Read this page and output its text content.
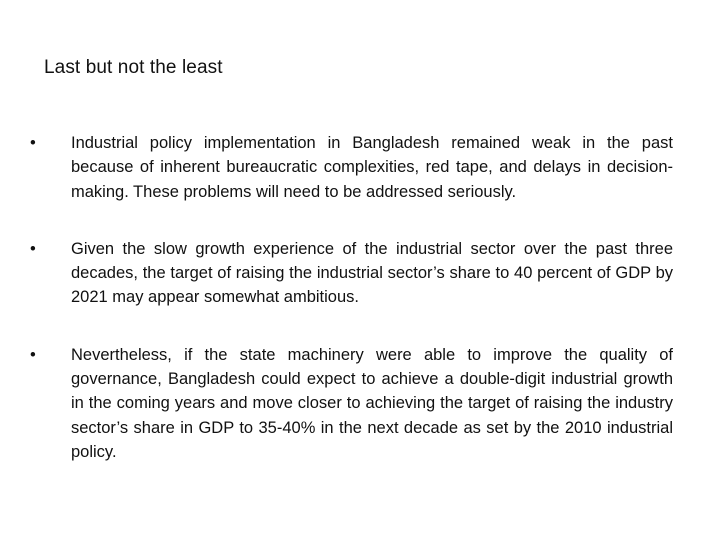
Last but not the least
•	Industrial policy implementation in Bangladesh remained weak in the past because of inherent bureaucratic complexities, red tape, and delays in decision-making. These problems will need to be addressed seriously.
•	Given the slow growth experience of the industrial sector over the past three decades, the target of raising the industrial sector’s share to 40 percent of GDP by 2021 may appear somewhat ambitious.
•	Nevertheless, if the state machinery were able to improve the quality of governance, Bangladesh could expect to achieve a double-digit industrial growth in the coming years and move closer to achieving the target of raising the industry sector’s share in GDP to 35-40% in the next decade as set by the 2010 industrial policy.
